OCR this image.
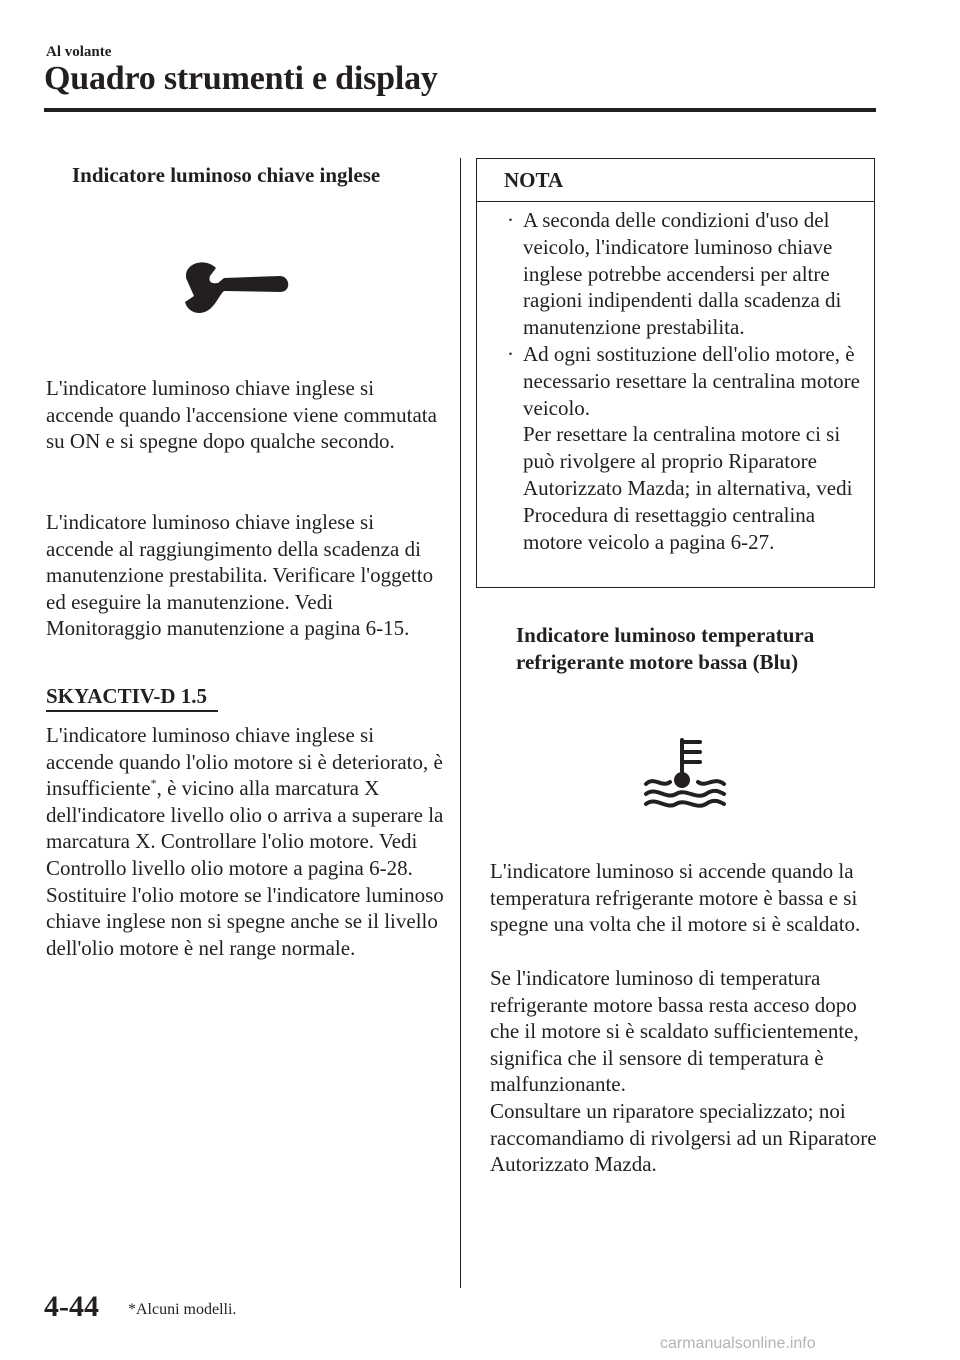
Al volante
Quadro strumenti e display
Indicatore luminoso chiave inglese
L'indicatore luminoso chiave inglese si accende quando l'accensione viene commutata su ON e si spegne dopo qualche secondo.
L'indicatore luminoso chiave inglese si accende al raggiungimento della scadenza di manutenzione prestabilita. Verificare l'oggetto ed eseguire la manutenzione. Vedi Monitoraggio manutenzione a pagina 6-15.
SKYACTIV-D 1.5
L'indicatore luminoso chiave inglese si accende quando l'olio motore si è deteriorato, è insufficiente*, è vicino alla marcatura X dell'indicatore livello olio o arriva a superare la marcatura X. Controllare l'olio motore. Vedi Controllo livello olio motore a pagina 6-28. Sostituire l'olio motore se l'indicatore luminoso chiave inglese non si spegne anche se il livello dell'olio motore è nel range normale.
NOTA
· A seconda delle condizioni d'uso del veicolo, l'indicatore luminoso chiave inglese potrebbe accendersi per altre ragioni indipendenti dalla scadenza di manutenzione prestabilita.
· Ad ogni sostituzione dell'olio motore, è necessario resettare la centralina motore veicolo.
Per resettare la centralina motore ci si può rivolgere al proprio Riparatore Autorizzato Mazda; in alternativa, vedi Procedura di resettaggio centralina motore veicolo a pagina 6-27.
Indicatore luminoso temperatura
refrigerante motore bassa (Blu)
L'indicatore luminoso si accende quando la temperatura refrigerante motore è bassa e si spegne una volta che il motore si è scaldato.
Se l'indicatore luminoso di temperatura refrigerante motore bassa resta acceso dopo che il motore si è scaldato sufficientemente, significa che il sensore di temperatura è malfunzionante.
Consultare un riparatore specializzato; noi raccomandiamo di rivolgersi ad un Riparatore Autorizzato Mazda.
4-44 *Alcuni modelli.
carmanualsonline.info
